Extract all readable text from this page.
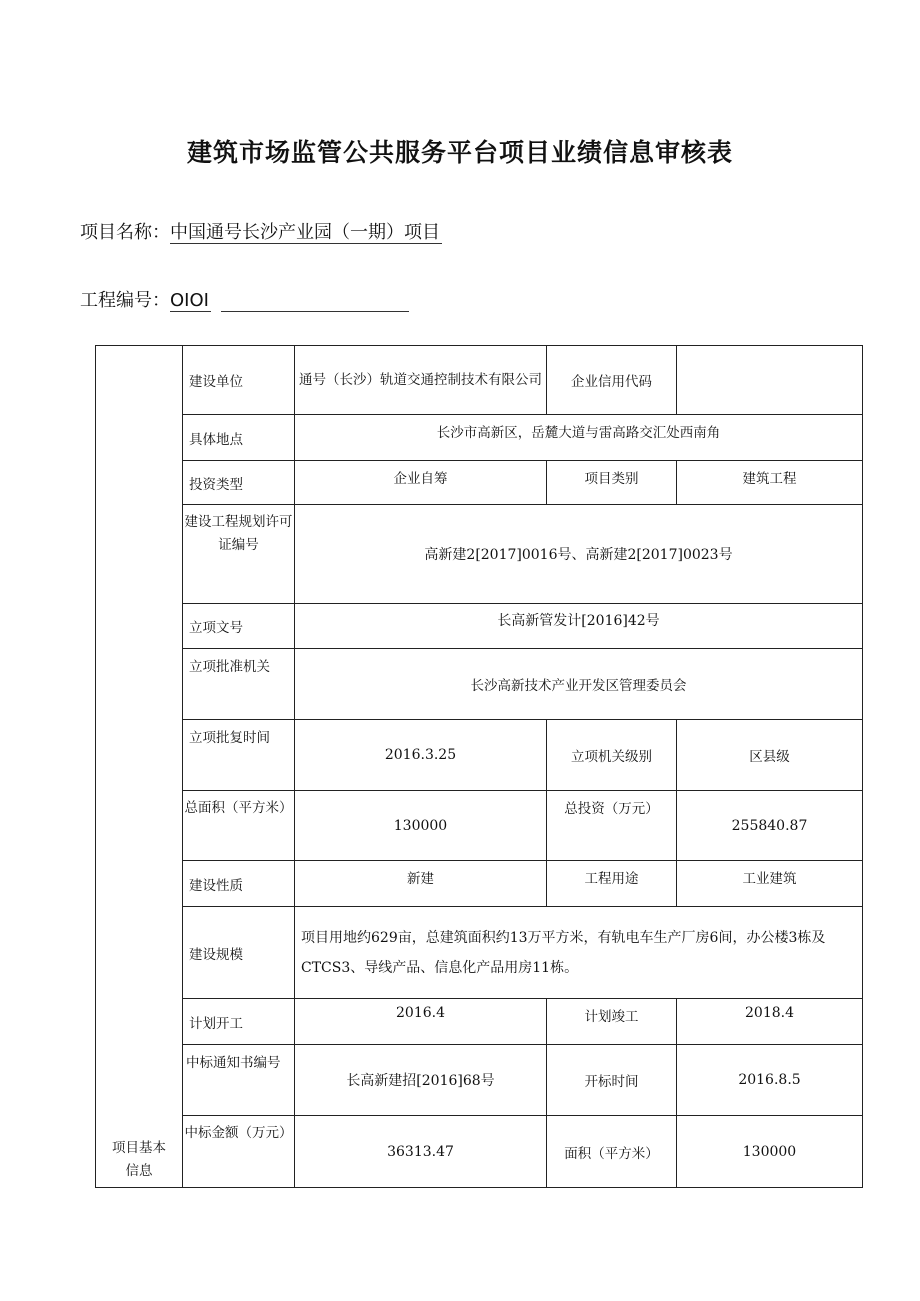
建筑市场监管公共服务平台项目业绩信息审核表
项目名称：中国通号长沙产业园（一期）项目
工程编号：OIOI
项目基本信息	建设单位	通号（长沙）轨道交通控制技术有限公司	企业信用代码	
	具体地点	长沙市高新区，岳麓大道与雷高路交汇处西南角		
	投资类型	企业自筹	项目类别	建筑工程

	建设工程规划许可证编号	高新建2[2017]0016号、高新建2[2017]0023号		
	立项文号	长高新管发计[2016]42号		
	立项批准机关	长沙高新技术产业开发区管理委员会		
	立项批复时间	2016.3.25	立项机关级别	区县级

	总面积（平方米）	130000	总投资（万元）	255840.87
	建设性质	新建	工程用途	工业建筑
	建设规模	项目用地约629亩，总建筑面积约13万平方米，有轨电车生产厂房6间，办公楼3栋及CTCS3、导线产品、信息化产品用房11栋。		
	计划开工	2016.4	计划竣工	2018.4
	中标通知书编号	长高新建招[2016]68号	开标时间	2016.8.5

	中标金额（万元）	36313.47	面积（平方米）	130000
